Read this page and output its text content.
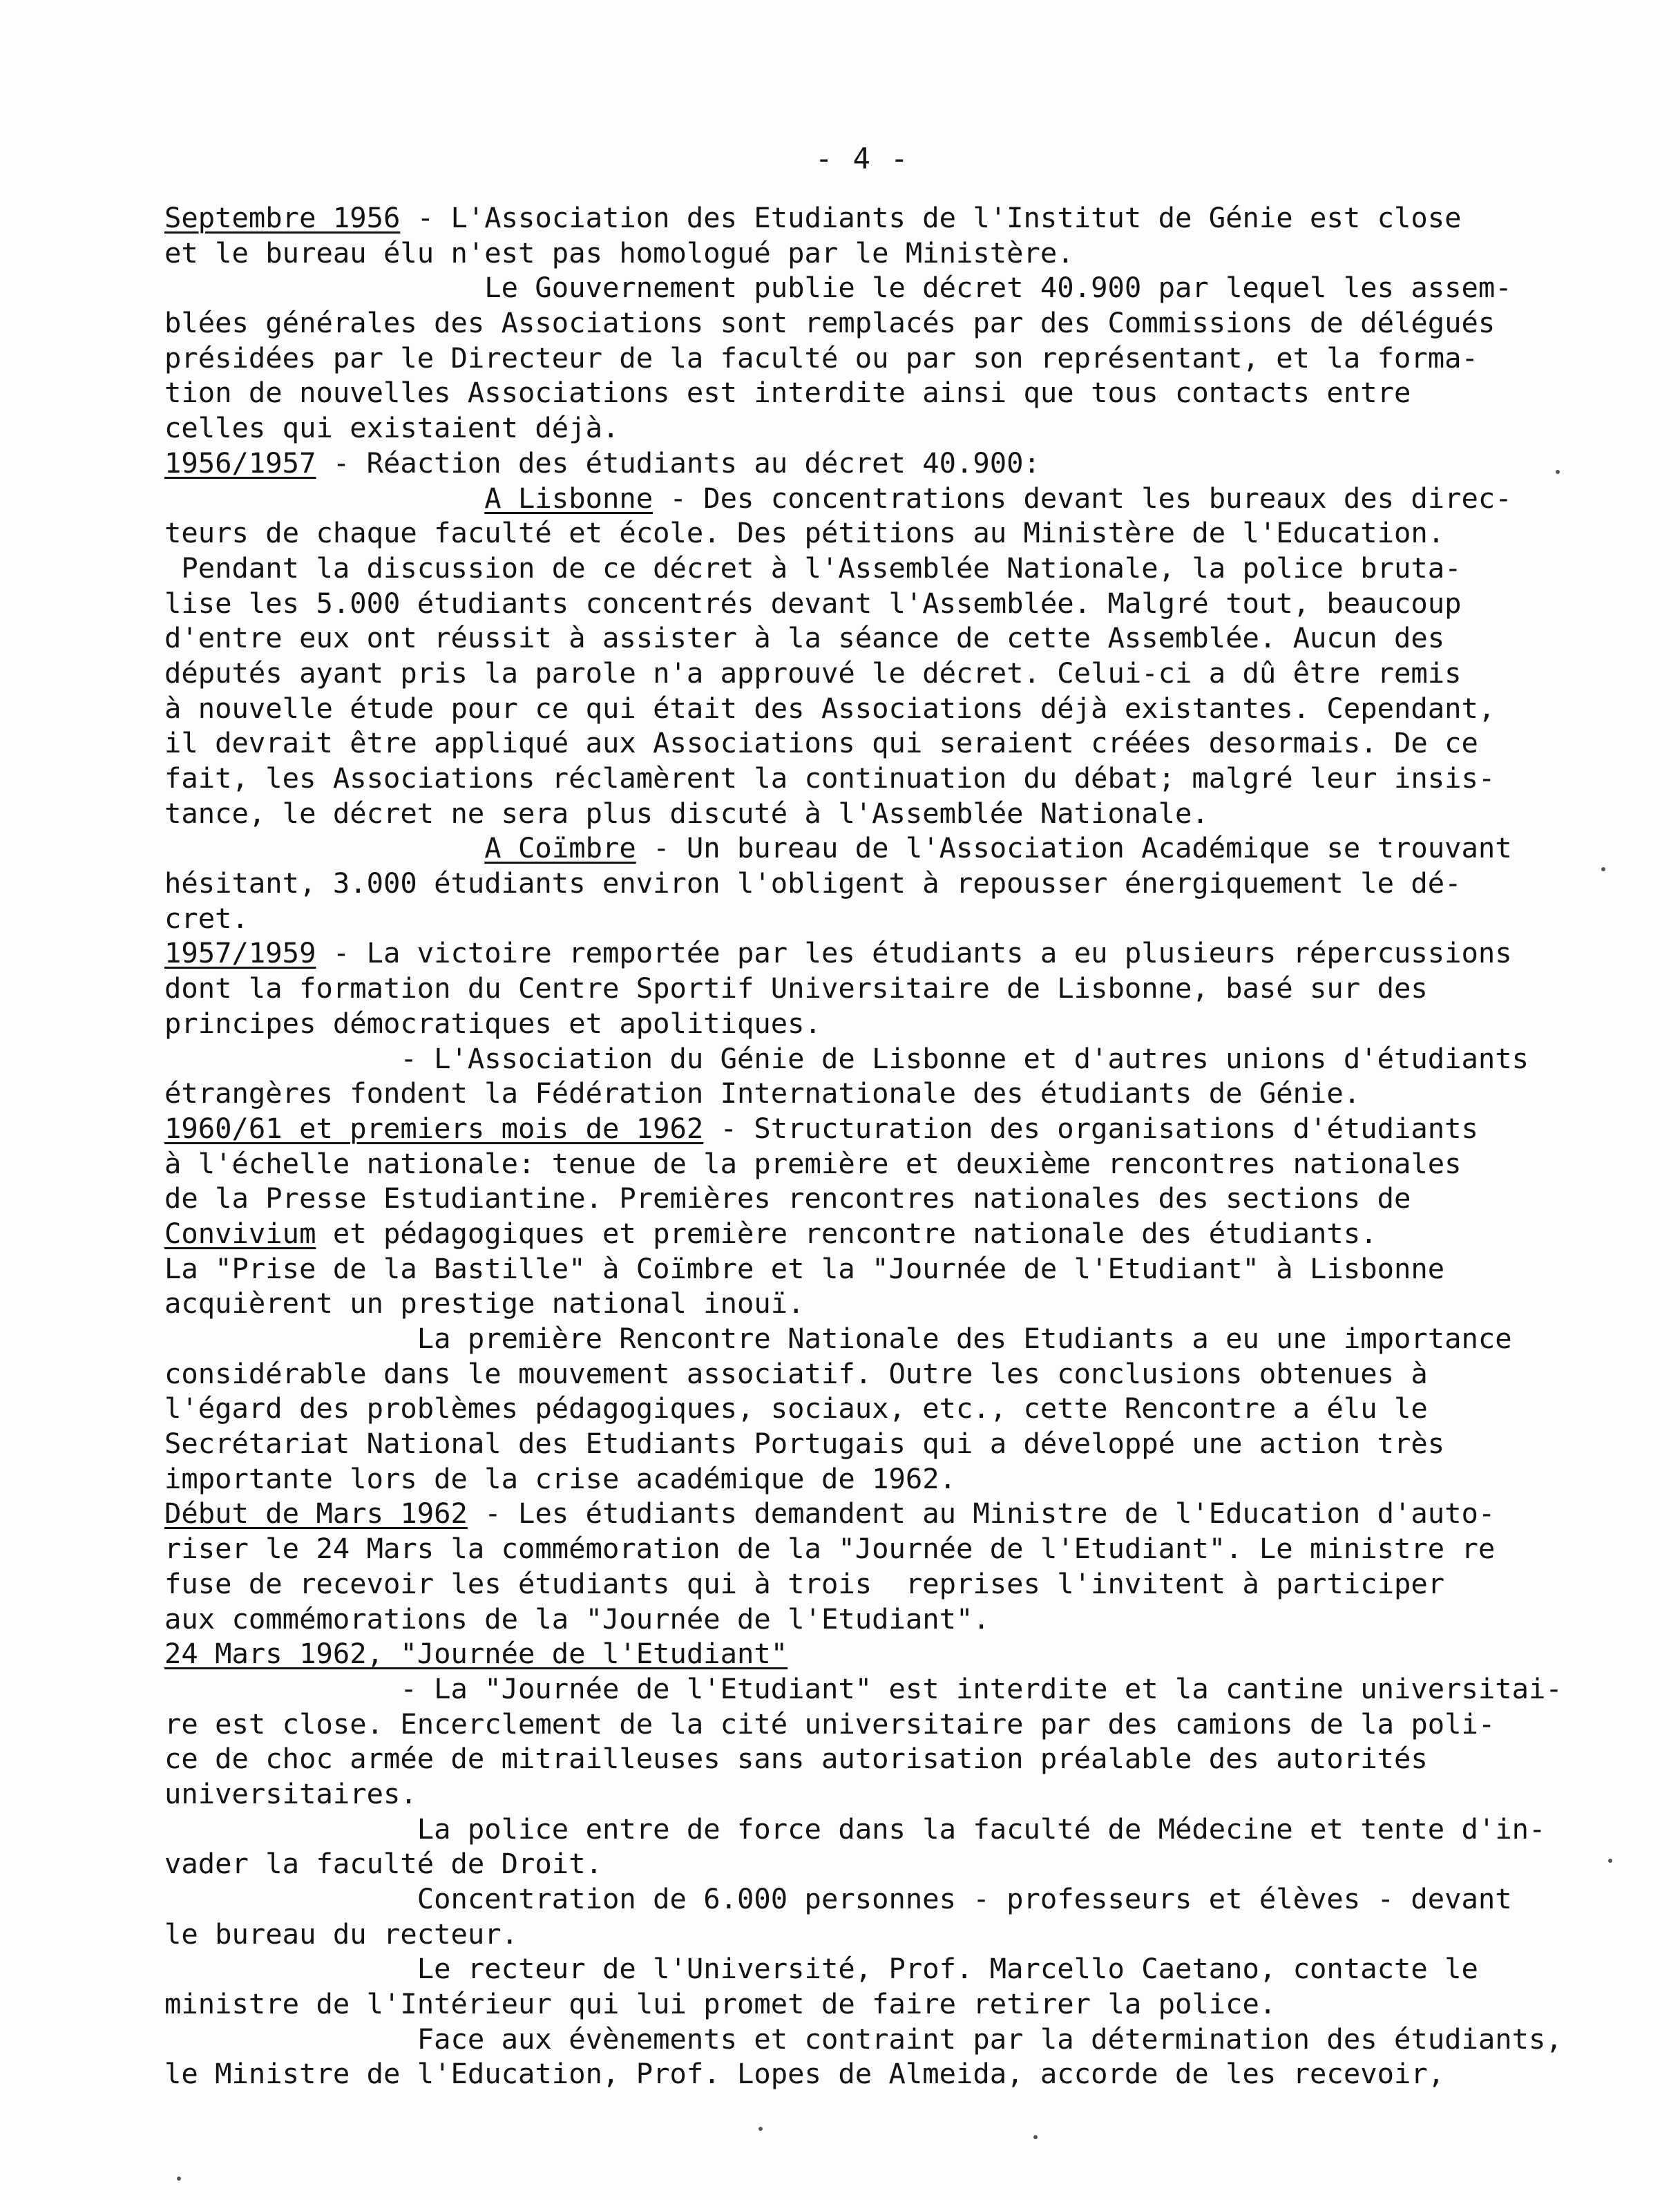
- 4 -
Septembre 1956 - L'Association des Etudiants de l'Institut de Génie est close
et le bureau élu n'est pas homologué par le Ministère.
Le Gouvernement publie le décret 40.900 par lequel les assem-
blées générales des Associations sont remplacés par des Commissions de délégués
présidées par le Directeur de la faculté ou par son représentant, et la forma-
tion de nouvelles Associations est interdite ainsi que tous contacts entre
celles qui existaient déjà.
1956/1957 - Réaction des étudiants au décret 40.900:
A Lisbonne - Des concentrations devant les bureaux des direc-
teurs de chaque faculté et école. Des pétitions au Ministère de l'Education.
Pendant la discussion de ce décret à l'Assemblée Nationale, la police bruta-
lise les 5.000 étudiants concentrés devant l'Assemblée. Malgré tout, beaucoup
d'entre eux ont réussit à assister à la séance de cette Assemblée. Aucun des
députés ayant pris la parole n'a approuvé le décret. Celui-ci a dû être remis
à nouvelle étude pour ce qui était des Associations déjà existantes. Cependant,
il devrait être appliqué aux Associations qui seraient créées desormais. De ce
fait, les Associations réclamèrent la continuation du débat; malgré leur insis-
tance, le décret ne sera plus discuté à l'Assemblée Nationale.
A Coïmbre - Un bureau de l'Association Académique se trouvant
hésitant, 3.000 étudiants environ l'obligent à repousser énergiquement le dé-
cret.
1957/1959 - La victoire remportée par les étudiants a eu plusieurs répercussions
dont la formation du Centre Sportif Universitaire de Lisbonne, basé sur des
principes démocratiques et apolitiques.
- L'Association du Génie de Lisbonne et d'autres unions d'étudiants
étrangères fondent la Fédération Internationale des étudiants de Génie.
1960/61 et premiers mois de 1962 - Structuration des organisations d'étudiants
à l'échelle nationale: tenue de la première et deuxième rencontres nationales
de la Presse Estudiantine. Premières rencontres nationales des sections de
Convivium et pédagogiques et première rencontre nationale des étudiants.
La "Prise de la Bastille" à Coïmbre et la "Journée de l'Etudiant" à Lisbonne
acquièrent un prestige national inouï.
La première Rencontre Nationale des Etudiants a eu une importance
considérable dans le mouvement associatif. Outre les conclusions obtenues à
l'égard des problèmes pédagogiques, sociaux, etc., cette Rencontre a élu le
Secrétariat National des Etudiants Portugais qui a développé une action très
importante lors de la crise académique de 1962.
Début de Mars 1962 - Les étudiants demandent au Ministre de l'Education d'auto-
riser le 24 Mars la commémoration de la "Journée de l'Etudiant". Le ministre re
fuse de recevoir les étudiants qui à trois  reprises l'invitent à participer
aux commémorations de la "Journée de l'Etudiant".
24 Mars 1962, "Journée de l'Etudiant"
- La "Journée de l'Etudiant" est interdite et la cantine universitai-
re est close. Encerclement de la cité universitaire par des camions de la poli-
ce de choc armée de mitrailleuses sans autorisation préalable des autorités
universitaires.
La police entre de force dans la faculté de Médecine et tente d'in-
vader la faculté de Droit.
Concentration de 6.000 personnes - professeurs et élèves - devant
le bureau du recteur.
Le recteur de l'Université, Prof. Marcello Caetano, contacte le
ministre de l'Intérieur qui lui promet de faire retirer la police.
Face aux évènements et contraint par la détermination des étudiants,
le Ministre de l'Education, Prof. Lopes de Almeida, accorde de les recevoir,
